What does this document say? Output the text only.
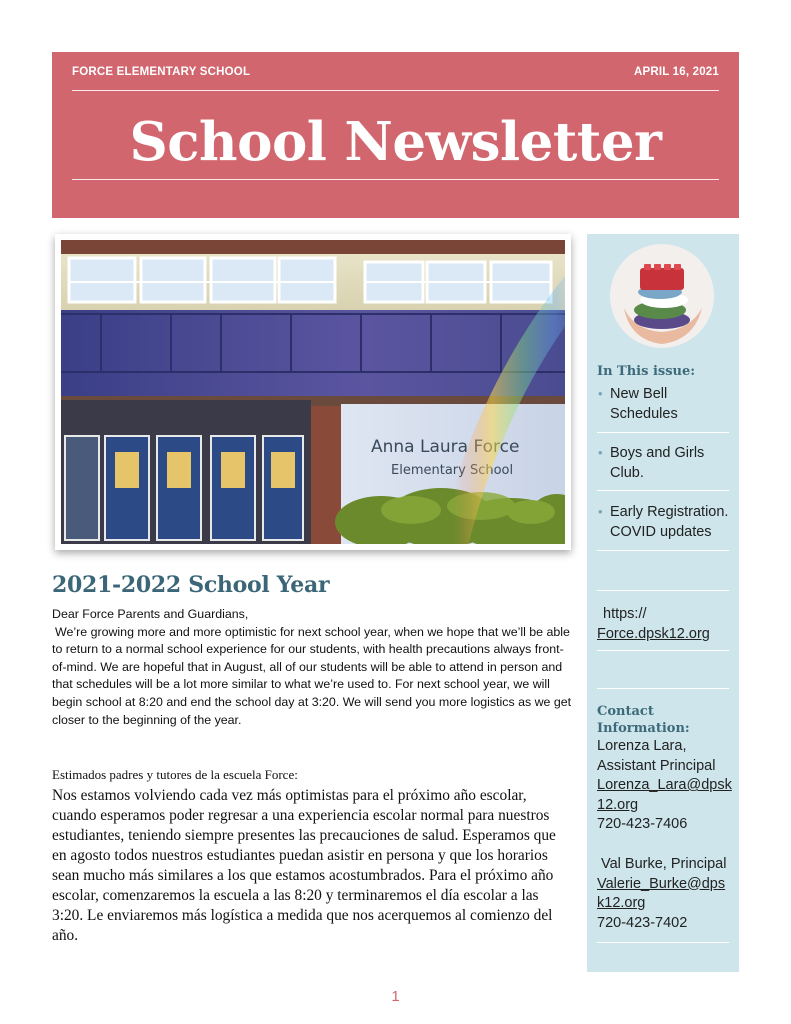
FORCE ELEMENTARY SCHOOL	APRIL 16, 2021
School Newsletter
Anna Laura Force
Elementary School
In This issue:
• New Bell Schedules
• Boys and Girls Club.
• Early Registration. COVID updates
https://
Force.dpsk12.org
Contact Information:
Lorenza Lara,
Assistant Principal
Lorenza_Lara@dpsk
12.org
720-423-7406
Val Burke, Principal
Valerie_Burke@dps
k12.org
720-423-7402
2021-2022 School Year

Dear Force Parents and Guardians,

We’re growing more and more optimistic for next school year, when we hope that we’ll be able to return to a normal school experience for our students, with health precautions always front-of-mind. We are hopeful that in August, all of our students will be able to attend in person and that schedules will be a lot more similar to what we’re used to. For next school year, we will begin school at 8:20 and end the school day at 3:20. We will send you more logistics as we get closer to the beginning of the year.

Estimados padres y tutores de la escuela Force:

Nos estamos volviendo cada vez más optimistas para el próximo año escolar, cuando esperamos poder regresar a una experiencia escolar normal para nuestros estudiantes, teniendo siempre presentes las precauciones de salud. Esperamos que en agosto todos nuestros estudiantes puedan asistir en persona y que los horarios sean mucho más similares a los que estamos acostumbrados. Para el próximo año escolar, comenzaremos la escuela a las 8:20 y terminaremos el día escolar a las 3:20. Le enviaremos más logística a medida que nos acerquemos al comienzo del año.

1
